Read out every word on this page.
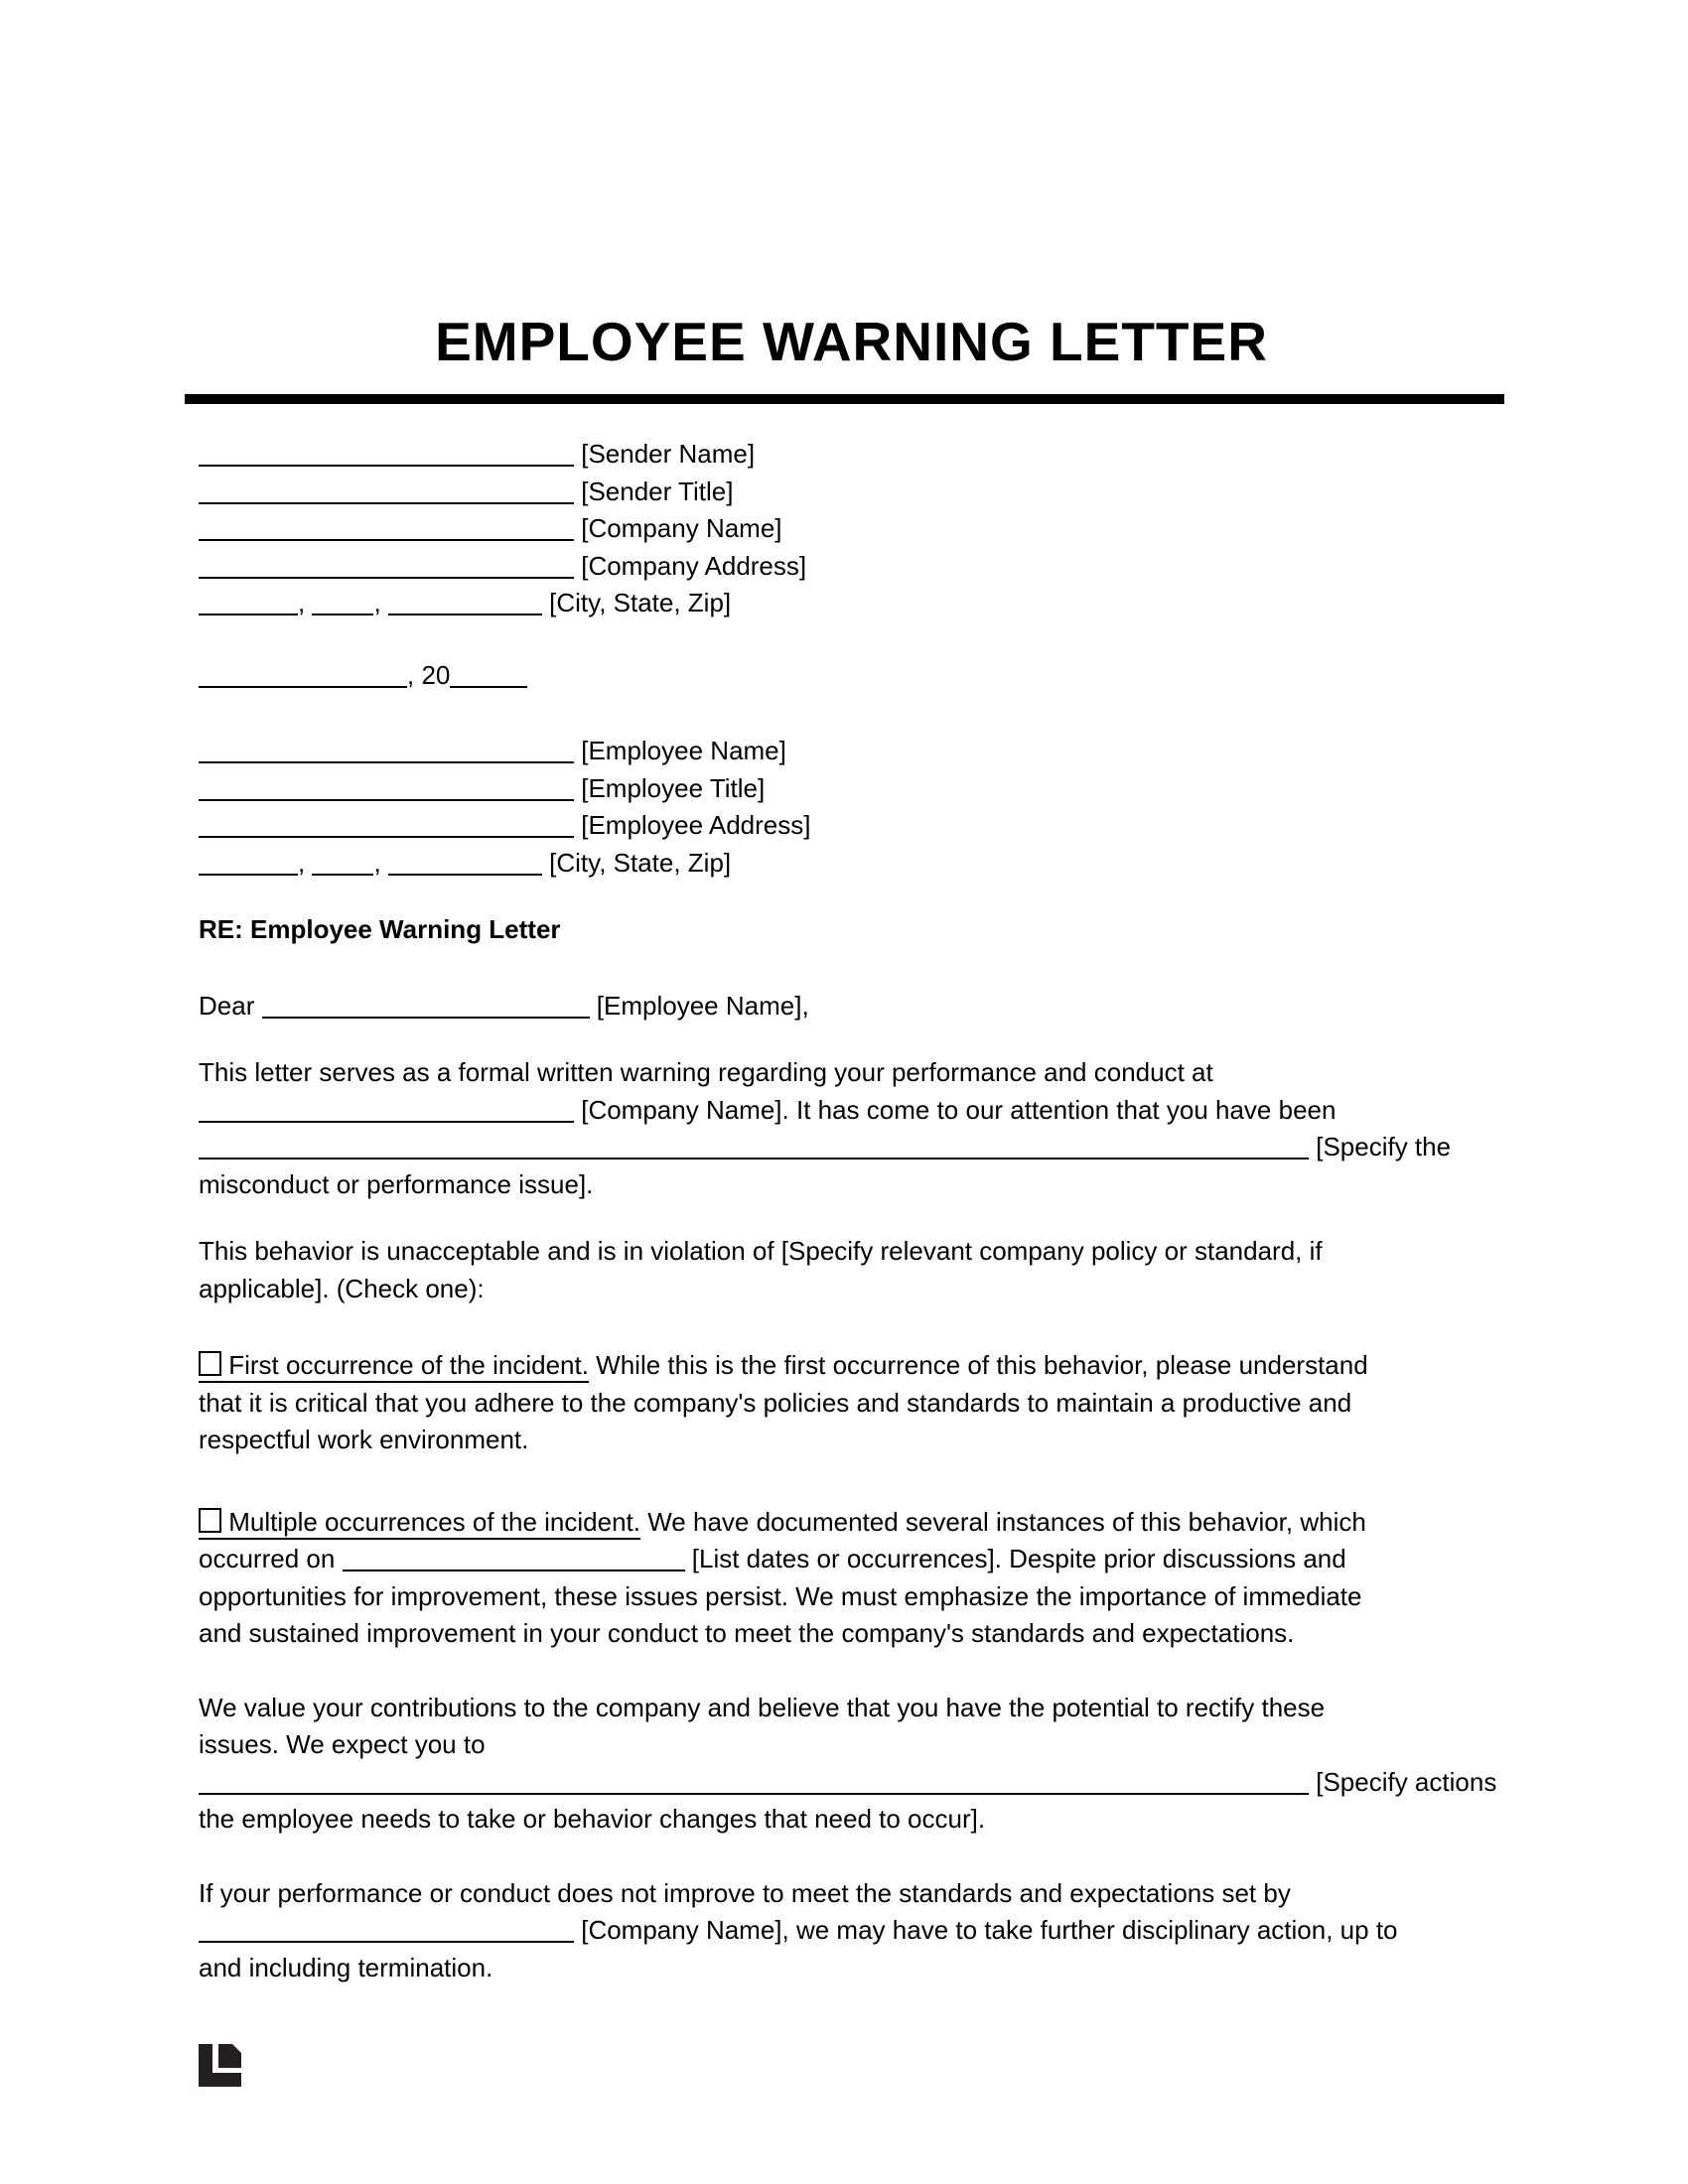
EMPLOYEE WARNING LETTER
[Sender Name]
[Sender Title]
[Company Name]
[Company Address]
, ,	[City, State, Zip]
, 20
[Employee Name]
[Employee Title]
[Employee Address]
, ,	[City, State, Zip]
RE: Employee Warning Letter
Dear	[Employee Name],

This letter serves as a formal written warning regarding your performance and conduct at
[Company Name]. It has come to our attention that you have been
[Specify the
misconduct or performance issue].

This behavior is unacceptable and is in violation of [Specify relevant company policy or standard, if
applicable]. (Check one):

First occurrence of the incident. While this is the first occurrence of this behavior, please understand
that it is critical that you adhere to the company's policies and standards to maintain a productive and
respectful work environment.

Multiple occurrences of the incident. We have documented several instances of this behavior, which
occurred on	[List dates or occurrences]. Despite prior discussions and
opportunities for improvement, these issues persist. We must emphasize the importance of immediate
and sustained improvement in your conduct to meet the company's standards and expectations.

We value your contributions to the company and believe that you have the potential to rectify these
issues. We expect you to
[Specify actions
the employee needs to take or behavior changes that need to occur].

If your performance or conduct does not improve to meet the standards and expectations set by
[Company Name], we may have to take further disciplinary action, up to
and including termination.
